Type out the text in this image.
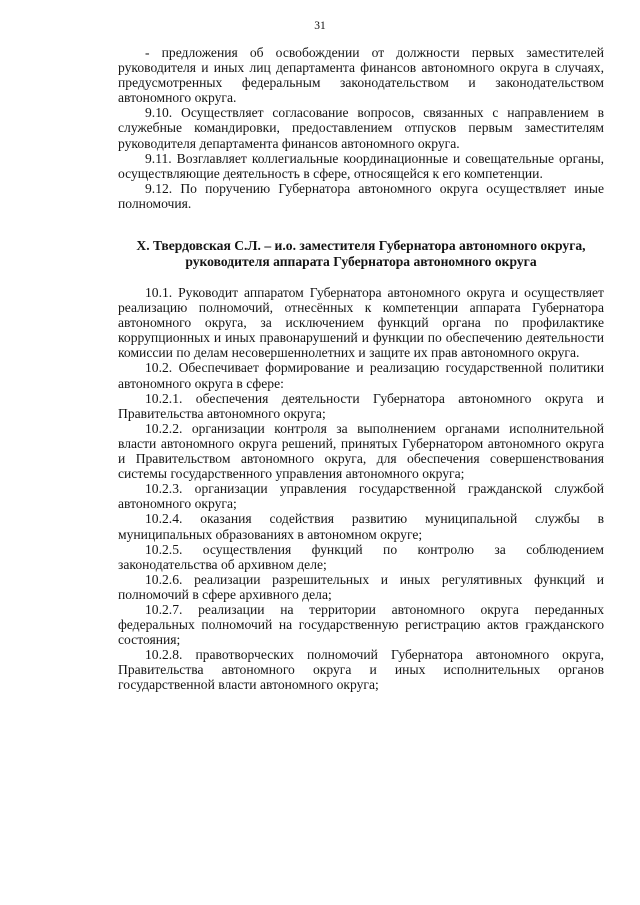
31

- предложения об освобождении от должности первых заместителей руководителя и иных лиц департамента финансов автономного округа в случаях, предусмотренных федеральным законодательством и законодательством автономного округа.

9.10. Осуществляет согласование вопросов, связанных с направлением в служебные командировки, предоставлением отпусков первым заместителям руководителя департамента финансов автономного округа.

9.11. Возглавляет коллегиальные координационные и совещательные органы, осуществляющие деятельность в сфере, относящейся к его компетенции.

9.12. По поручению Губернатора автономного округа осуществляет иные полномочия.

X. Твердовская С.Л. – и.о. заместителя Губернатора автономного округа, руководителя аппарата Губернатора автономного округа

10.1. Руководит аппаратом Губернатора автономного округа и осуществляет реализацию полномочий, отнесённых к компетенции аппарата Губернатора автономного округа, за исключением функций органа по профилактике коррупционных и иных правонарушений и функции по обеспечению деятельности комиссии по делам несовершеннолетних и защите их прав автономного округа.

10.2. Обеспечивает формирование и реализацию государственной политики автономного округа в сфере:

10.2.1. обеспечения деятельности Губернатора автономного округа и Правительства автономного округа;

10.2.2. организации контроля за выполнением органами исполнительной власти автономного округа решений, принятых Губернатором автономного округа и Правительством автономного округа, для обеспечения совершенствования системы государственного управления автономного округа;

10.2.3. организации управления государственной гражданской службой автономного округа;

10.2.4. оказания содействия развитию муниципальной службы в муниципальных образованиях в автономном округе;

10.2.5. осуществления функций по контролю за соблюдением законодательства об архивном деле;

10.2.6. реализации разрешительных и иных регулятивных функций и полномочий в сфере архивного дела;

10.2.7. реализации на территории автономного округа переданных федеральных полномочий на государственную регистрацию актов гражданского состояния;

10.2.8. правотворческих полномочий Губернатора автономного округа, Правительства автономного округа и иных исполнительных органов государственной власти автономного округа;
